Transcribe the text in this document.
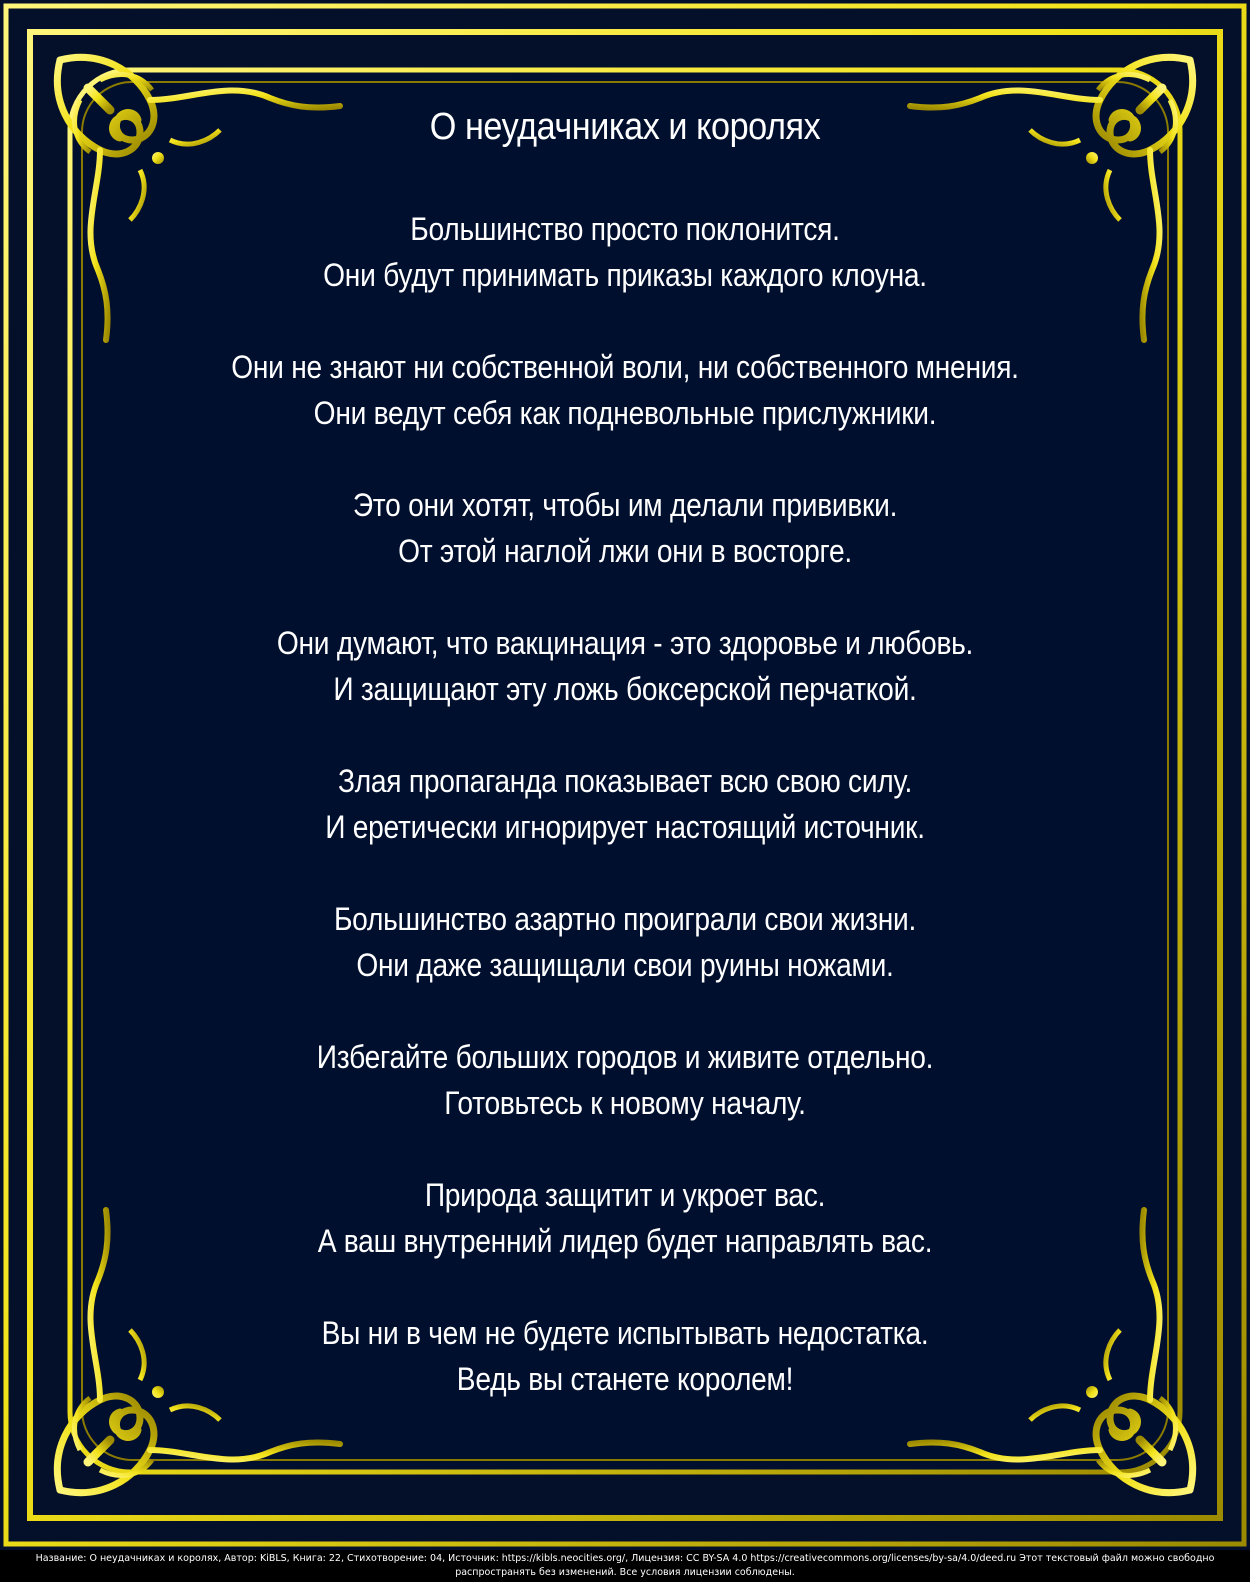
О неудачниках и королях
Большинство просто поклонится.
Они будут принимать приказы каждого клоуна.
Они не знают ни собственной воли, ни собственного мнения.
Они ведут себя как подневольные прислужники.
Это они хотят, чтобы им делали прививки.
От этой наглой лжи они в восторге.
Они думают, что вакцинация - это здоровье и любовь.
И защищают эту ложь боксерской перчаткой.
Злая пропаганда показывает всю свою силу.
И еретически игнорирует настоящий источник.
Большинство азартно проиграли свои жизни.
Они даже защищали свои руины ножами.
Избегайте больших городов и живите отдельно.
Готовьтесь к новому началу.
Природа защитит и укроет вас.
А ваш внутренний лидер будет направлять вас.
Вы ни в чем не будете испытывать недостатка.
Ведь вы станете королем!
Название: О неудачниках и королях, Автор: KiBLS, Книга: 22, Стихотворение: 04, Источник: https://kibls.neocities.org/, Лицензия: CC BY-SA 4.0 https://creativecommons.org/licenses/by-sa/4.0/deed.ru Этот текстовый файл можно свободно
распространять без изменений. Все условия лицензии соблюдены.
